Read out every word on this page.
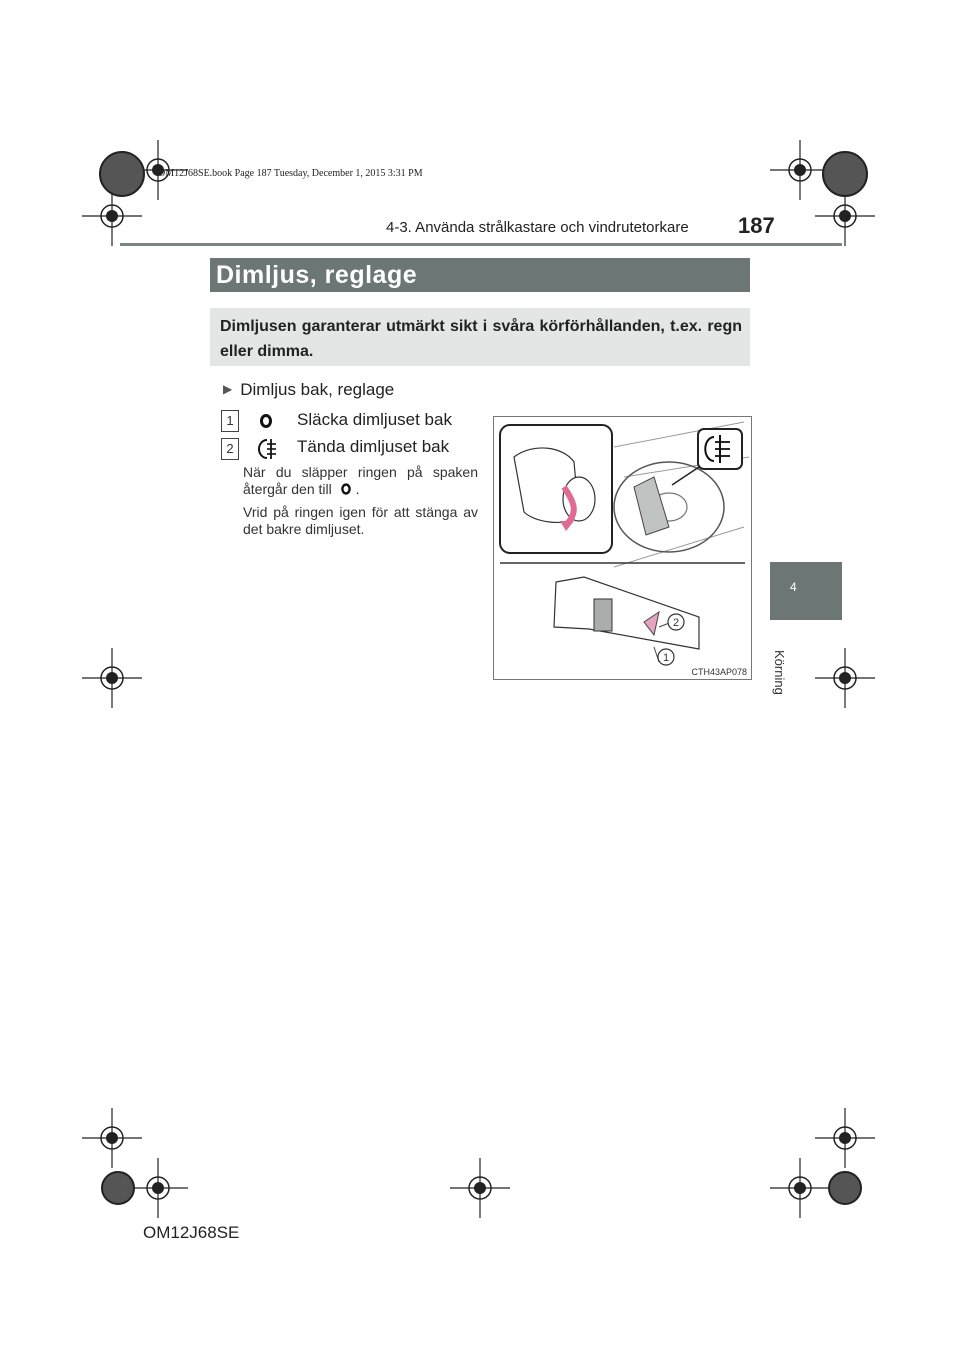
OM12J68SE.book Page 187 Tuesday, December 1, 2015 3:31 PM
4-3. Använda strålkastare och vindrutetorkare 187
Dimljus, reglage
Dimljusen garanterar utmärkt sikt i svåra körförhållanden, t.ex. regn eller dimma.
▶ Dimljus bak, reglage
1	Släcka dimljuset bak
2	Tända dimljuset bak
När du släpper ringen på spaken återgår den till .
Vrid på ringen igen för att stänga av det bakre dimljuset.
2
1
CTH43AP078
4
Körning
OM12J68SE
